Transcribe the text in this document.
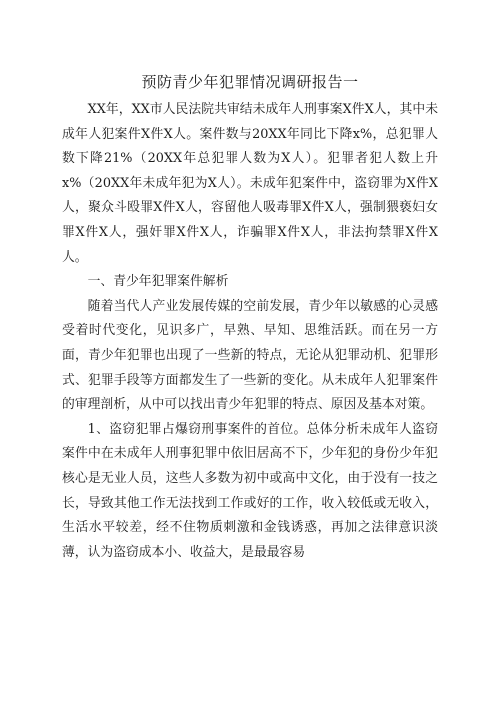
预防青少年犯罪情况调研报告一

XX年，XX市人民法院共审结未成年人刑事案X件X人，其中未成年人犯案件X件X人。案件数与20XX年同比下降x%，总犯罪人数下降21%（20XX年总犯罪人数为X人）。犯罪者犯人数上升x%（20XX年未成年犯为X人）。未成年犯案件中，盗窃罪为X件X人，聚众斗殴罪X件X人，容留他人吸毒罪X件X人，强制猥亵妇女罪X件X人，强奸罪X件X人，诈骗罪X件X人，非法拘禁罪X件X人。

一、青少年犯罪案件解析

随着当代人产业发展传媒的空前发展，青少年以敏感的心灵感受着时代变化，见识多广，早熟、早知、思维活跃。而在另一方面，青少年犯罪也出现了一些新的特点，无论从犯罪动机、犯罪形式、犯罪手段等方面都发生了一些新的变化。从未成年人犯罪案件的审理剖析，从中可以找出青少年犯罪的特点、原因及基本对策。

1、盗窃犯罪占爆窃刑事案件的首位。总体分析未成年人盗窃案件中在未成年人刑事犯罪中依旧居高不下，少年犯的身份少年犯核心是无业人员，这些人多数为初中或高中文化，由于没有一技之长，导致其他工作无法找到工作或好的工作，收入较低或无收入，生活水平较差，经不住物质刺激和金钱诱惑，再加之法律意识淡薄，认为盗窃成本小、收益大，是最最容易
